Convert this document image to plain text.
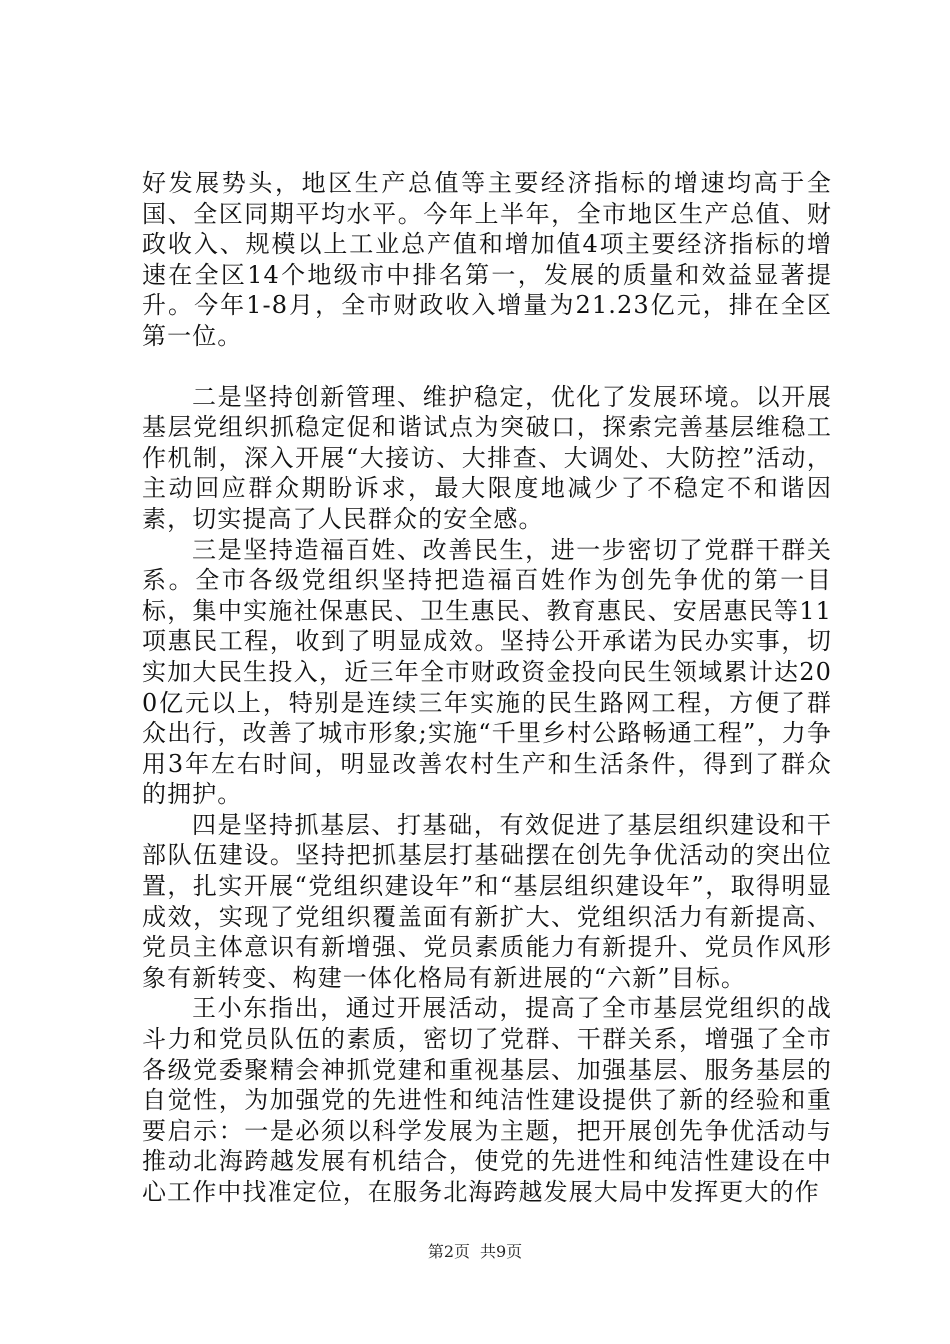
好发展势头，地区生产总值等主要经济指标的增速均高于全国、全区同期平均水平。今年上半年，全市地区生产总值、财政收入、规模以上工业总产值和增加值4项主要经济指标的增速在全区14个地级市中排名第一，发展的质量和效益显著提升。今年1-8月，全市财政收入增量为21.23亿元，排在全区第一位。

二是坚持创新管理、维护稳定，优化了发展环境。以开展基层党组织抓稳定促和谐试点为突破口，探索完善基层维稳工作机制，深入开展“大接访、大排查、大调处、大防控”活动，主动回应群众期盼诉求，最大限度地减少了不稳定不和谐因素，切实提高了人民群众的安全感。

三是坚持造福百姓、改善民生，进一步密切了党群干群关系。全市各级党组织坚持把造福百姓作为创先争优的第一目标，集中实施社保惠民、卫生惠民、教育惠民、安居惠民等11项惠民工程，收到了明显成效。坚持公开承诺为民办实事，切实加大民生投入，近三年全市财政资金投向民生领域累计达200亿元以上，特别是连续三年实施的民生路网工程，方便了群众出行，改善了城市形象;实施“千里乡村公路畅通工程”，力争用3年左右时间，明显改善农村生产和生活条件，得到了群众的拥护。

四是坚持抓基层、打基础，有效促进了基层组织建设和干部队伍建设。坚持把抓基层打基础摆在创先争优活动的突出位置，扎实开展“党组织建设年”和“基层组织建设年”，取得明显成效，实现了党组织覆盖面有新扩大、党组织活力有新提高、党员主体意识有新增强、党员素质能力有新提升、党员作风形象有新转变、构建一体化格局有新进展的“六新”目标。

王小东指出，通过开展活动，提高了全市基层党组织的战斗力和党员队伍的素质，密切了党群、干群关系，增强了全市各级党委聚精会神抓党建和重视基层、加强基层、服务基层的自觉性，为加强党的先进性和纯洁性建设提供了新的经验和重要启示：一是必须以科学发展为主题，把开展创先争优活动与推动北海跨越发展有机结合，使党的先进性和纯洁性建设在中心工作中找准定位，在服务北海跨越发展大局中发挥更大的作

第2页 共9页
